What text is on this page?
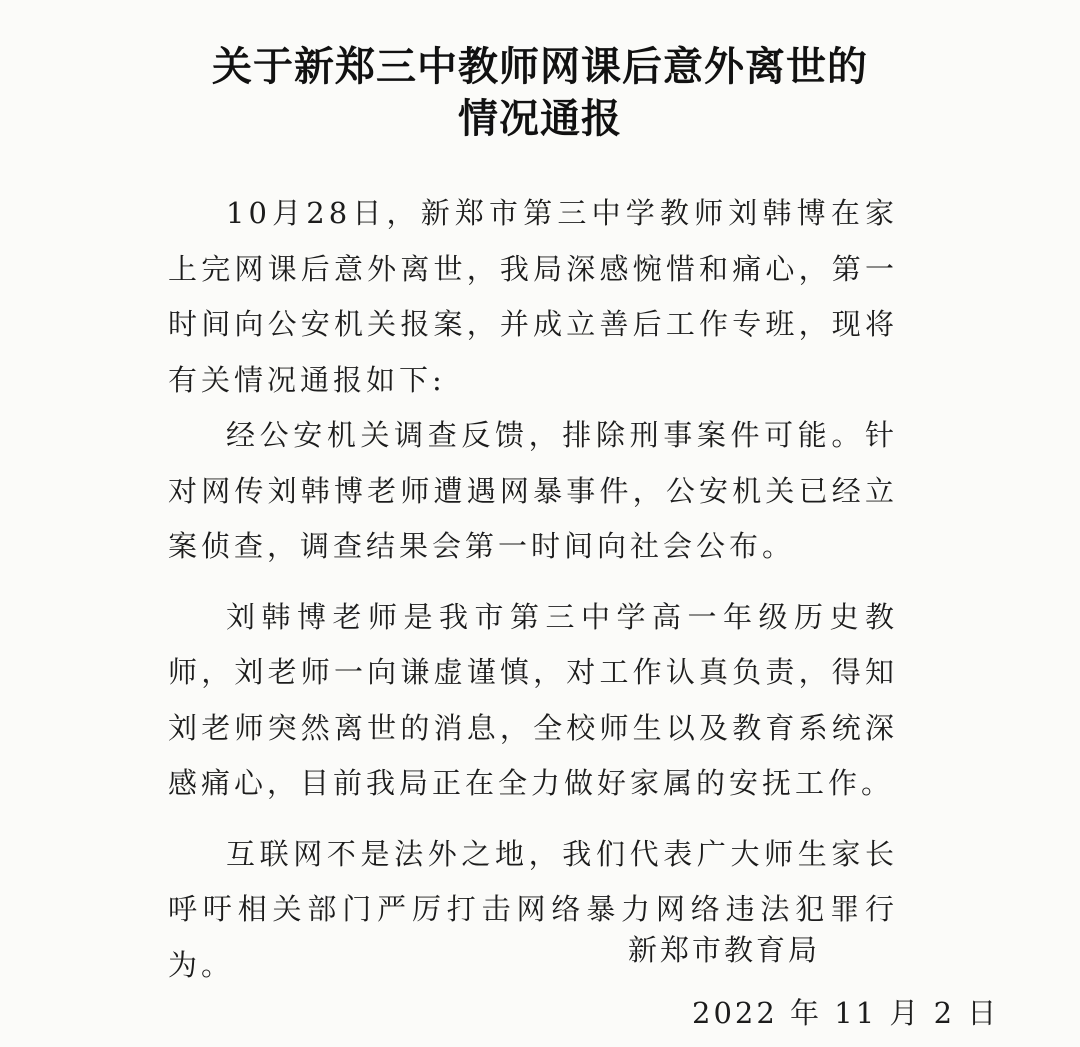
关于新郑三中教师网课后意外离世的
情况通报

10月28日，新郑市第三中学教师刘韩博在家上完网课后意外离世，我局深感惋惜和痛心，第一时间向公安机关报案，并成立善后工作专班，现将有关情况通报如下:

经公安机关调查反馈，排除刑事案件可能。针对网传刘韩博老师遭遇网暴事件，公安机关已经立案侦查，调查结果会第一时间向社会公布。

刘韩博老师是我市第三中学高一年级历史教师，刘老师一向谦虚谨慎，对工作认真负责，得知刘老师突然离世的消息，全校师生以及教育系统深感痛心，目前我局正在全力做好家属的安抚工作。

互联网不是法外之地，我们代表广大师生家长呼吁相关部门严厉打击网络暴力网络违法犯罪行为。	新郑市教育局
2022 年 11 月 2 日
